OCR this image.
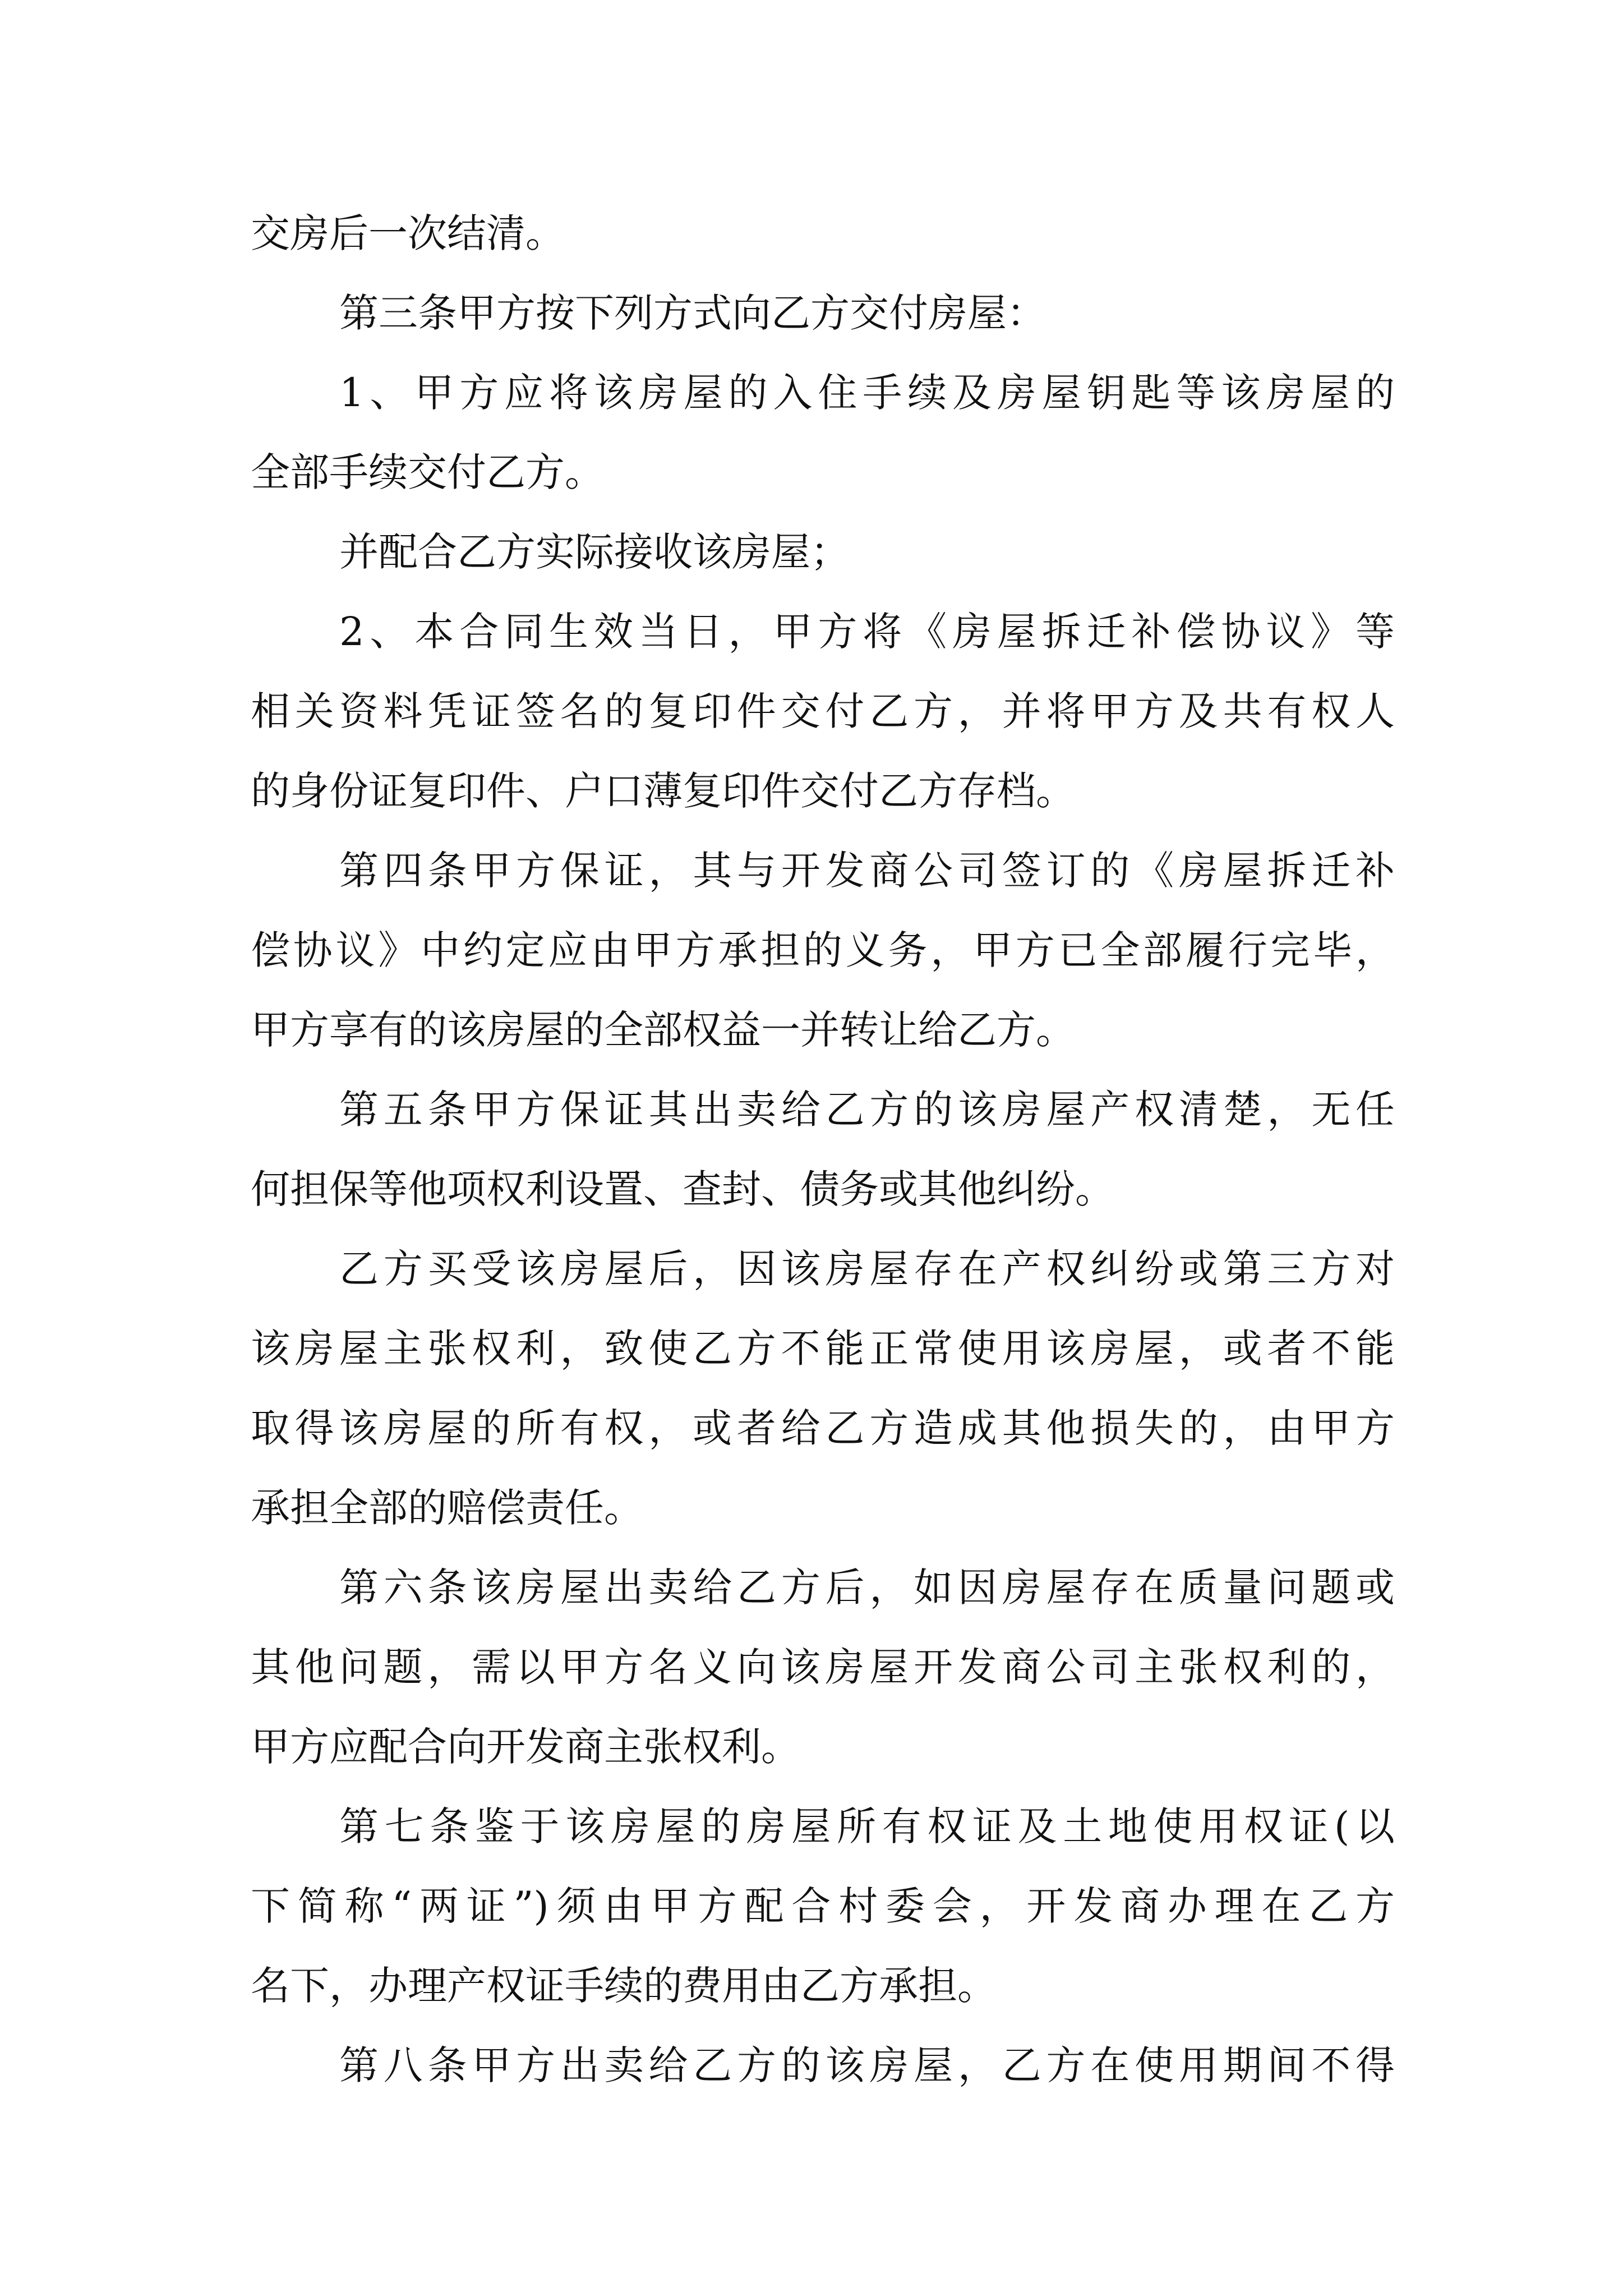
交房后一次结清。
第三条甲方按下列方式向乙方交付房屋：
1、甲方应将该房屋的入住手续及房屋钥匙等该房屋的
全部手续交付乙方。
并配合乙方实际接收该房屋；
2、本合同生效当日，甲方将《房屋拆迁补偿协议》等
相关资料凭证签名的复印件交付乙方，并将甲方及共有权人
的身份证复印件、户口薄复印件交付乙方存档。
第四条甲方保证，其与开发商公司签订的《房屋拆迁补
偿协议》中约定应由甲方承担的义务，甲方已全部履行完毕，
甲方享有的该房屋的全部权益一并转让给乙方。
第五条甲方保证其出卖给乙方的该房屋产权清楚，无任
何担保等他项权利设置、查封、债务或其他纠纷。
乙方买受该房屋后，因该房屋存在产权纠纷或第三方对
该房屋主张权利，致使乙方不能正常使用该房屋，或者不能
取得该房屋的所有权，或者给乙方造成其他损失的，由甲方
承担全部的赔偿责任。
第六条该房屋出卖给乙方后，如因房屋存在质量问题或
其他问题，需以甲方名义向该房屋开发商公司主张权利的，
甲方应配合向开发商主张权利。
第七条鉴于该房屋的房屋所有权证及土地使用权证(以
下简称“两证”)须由甲方配合村委会，开发商办理在乙方
名下，办理产权证手续的费用由乙方承担。
第八条甲方出卖给乙方的该房屋，乙方在使用期间不得
